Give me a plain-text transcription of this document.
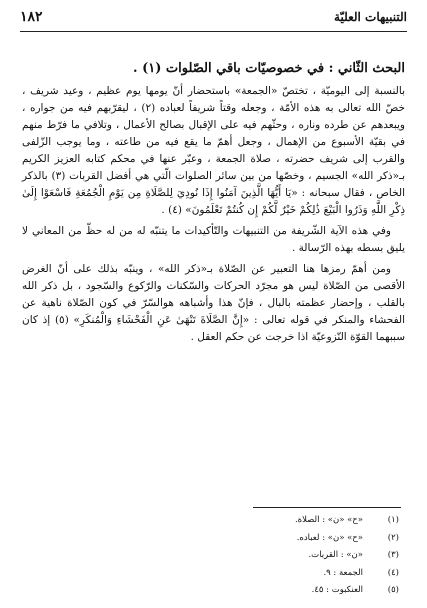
١٨٢	التنبيهات العليّة
البحث الثّاني : في خصوصيّات باقي الصّلوات (١) .

بالنسبة إلى اليوميّة ، تختصّ «الجمعة» باستحضار أنّ يومها يوم عظيم ، وعيد شريف ، خصّ الله تعالى به هذه الأمّة ، وجعله وقتاً شريفاً لعباده (٢) ، ليقرّبهم فيه من جواره ، ويبعدهم عن طرده وناره ، وحثّهم فيه على الإقبال بصالح الأعمال ، وتلافي ما فرّط منهم في بقيّة الأسبوع من الإهمال ، وجعل أهمّ ما يقع فيه من طاعته ، وما يوجب الزّلفى والقرب إلى شريف حضرته ، صلاة الجمعة ، وعبّر عنها في محكم كتابه العزيز الكريم بـ«ذكر الله» الجسيم ، وخصّها من بين سائر الصلوات الّتي هي أفضل القربات (٣) بالذكر الخاص ، فقال سبحانه : «يَا أَيُّهَا الَّذِينَ آمَنُوا إِذَا نُودِيَ لِلصَّلَاةِ مِن يَوْمِ الْجُمُعَةِ فَاسْعَوْا إِلَىٰ ذِكْرِ اللَّهِ وَذَرُوا الْبَيْعَ ذَٰلِكُمْ خَيْرٌ لَّكُمْ إِن كُنتُمْ تَعْلَمُونَ» (٤) .

وفي هذه الآية الشّريفة من التنبيهات والتّأكيدات ما يتنبّه له من له حظّ من المعاني لا يليق بسطه بهذه الرّسالة .

ومن أهمّ رمزها هنا التعبير عن الصّلاة بـ«ذكر الله» ، وينبّه بذلك على أنّ الغرض الأقصى من الصّلاة ليس هو مجرّد الحركات والسّكنات والرّكوع والسّجود ، بل ذكر الله بالقلب ، وإحضار عظمته بالبال ، فإنّ هذا وأشباهه هوالسّرّ في كون الصّلاة ناهية عن الفحشاء والمنكر في قوله تعالى : «إِنَّ الصَّلَاةَ تَنْهَىٰ عَنِ الْفَحْشَاءِ وَالْمُنكَرِ» (٥) إذ كان سببهما القوّة النّزوعيّة اذا خرجت عن حكم العقل .

(١)
«ح» «ن» : الصلاة.
(٢)
«ح» «ن» : لعباده.
(٣)
«ن» : القربات.
(٤)
الجمعة : ٩.
(٥)
العنكبوت : ٤٥.
